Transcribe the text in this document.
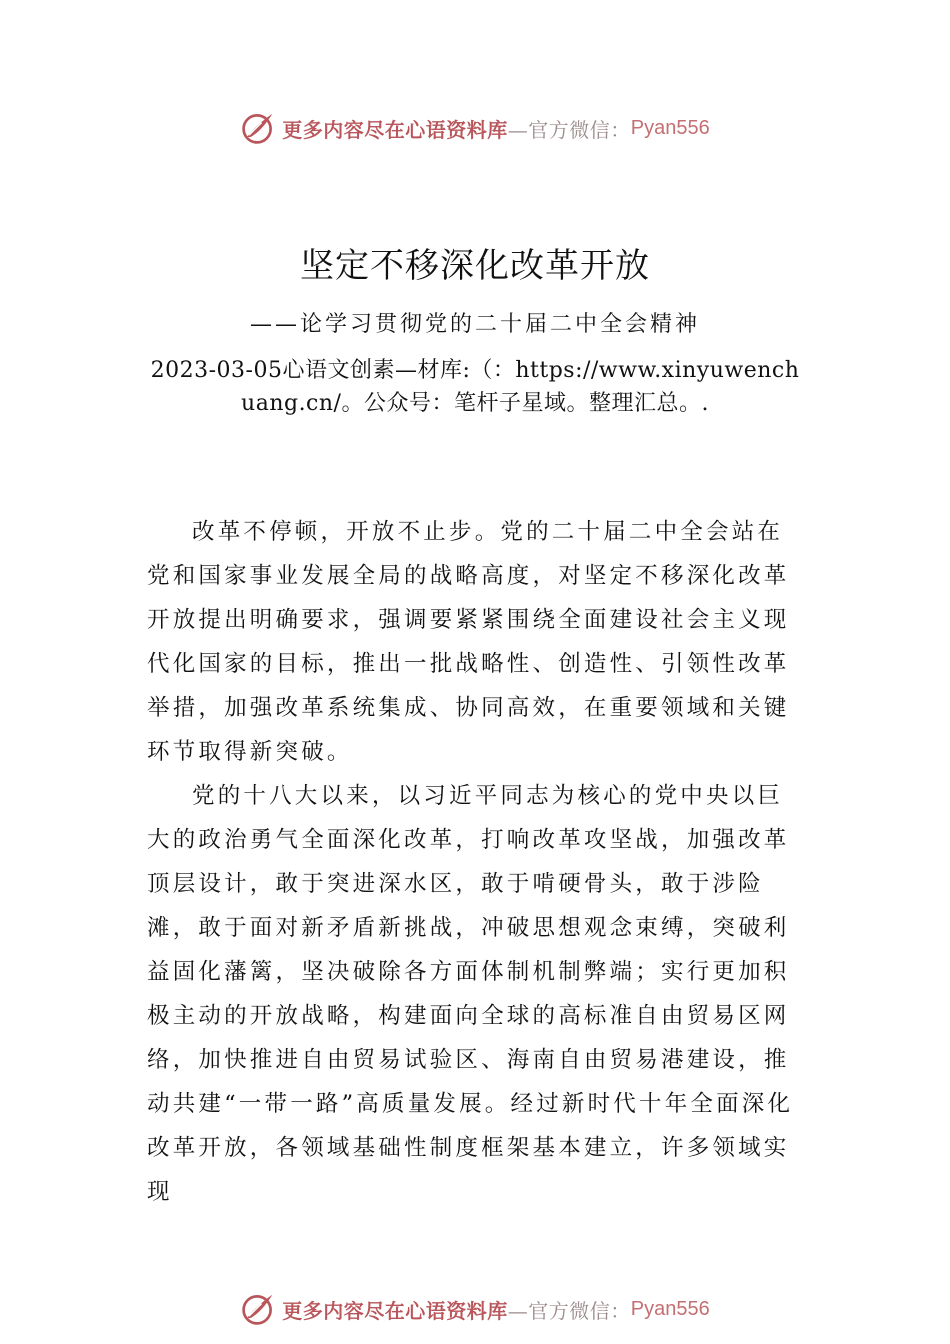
更多内容尽在心语资料库 —官方微信： Pyan556
坚定不移深化改革开放
——论学习贯彻党的二十届二中全会精神
2023-03-05心语文创素—材库:（：https://www.xinyuwenchuang.cn/。公众号：笔杆子星域。整理汇总。.

改革不停顿，开放不止步。党的二十届二中全会站在党和国家事业发展全局的战略高度，对坚定不移深化改革开放提出明确要求，强调要紧紧围绕全面建设社会主义现代化国家的目标，推出一批战略性、创造性、引领性改革举措，加强改革系统集成、协同高效，在重要领域和关键环节取得新突破。

党的十八大以来，以习近平同志为核心的党中央以巨大的政治勇气全面深化改革，打响改革攻坚战，加强改革顶层设计，敢于突进深水区，敢于啃硬骨头，敢于涉险滩，敢于面对新矛盾新挑战，冲破思想观念束缚，突破利益固化藩篱，坚决破除各方面体制机制弊端；实行更加积极主动的开放战略，构建面向全球的高标准自由贸易区网络，加快推进自由贸易试验区、海南自由贸易港建设，推动共建“一带一路”高质量发展。经过新时代十年全面深化改革开放，各领域基础性制度框架基本建立，许多领域实现

更多内容尽在心语资料库 —官方微信： Pyan556
